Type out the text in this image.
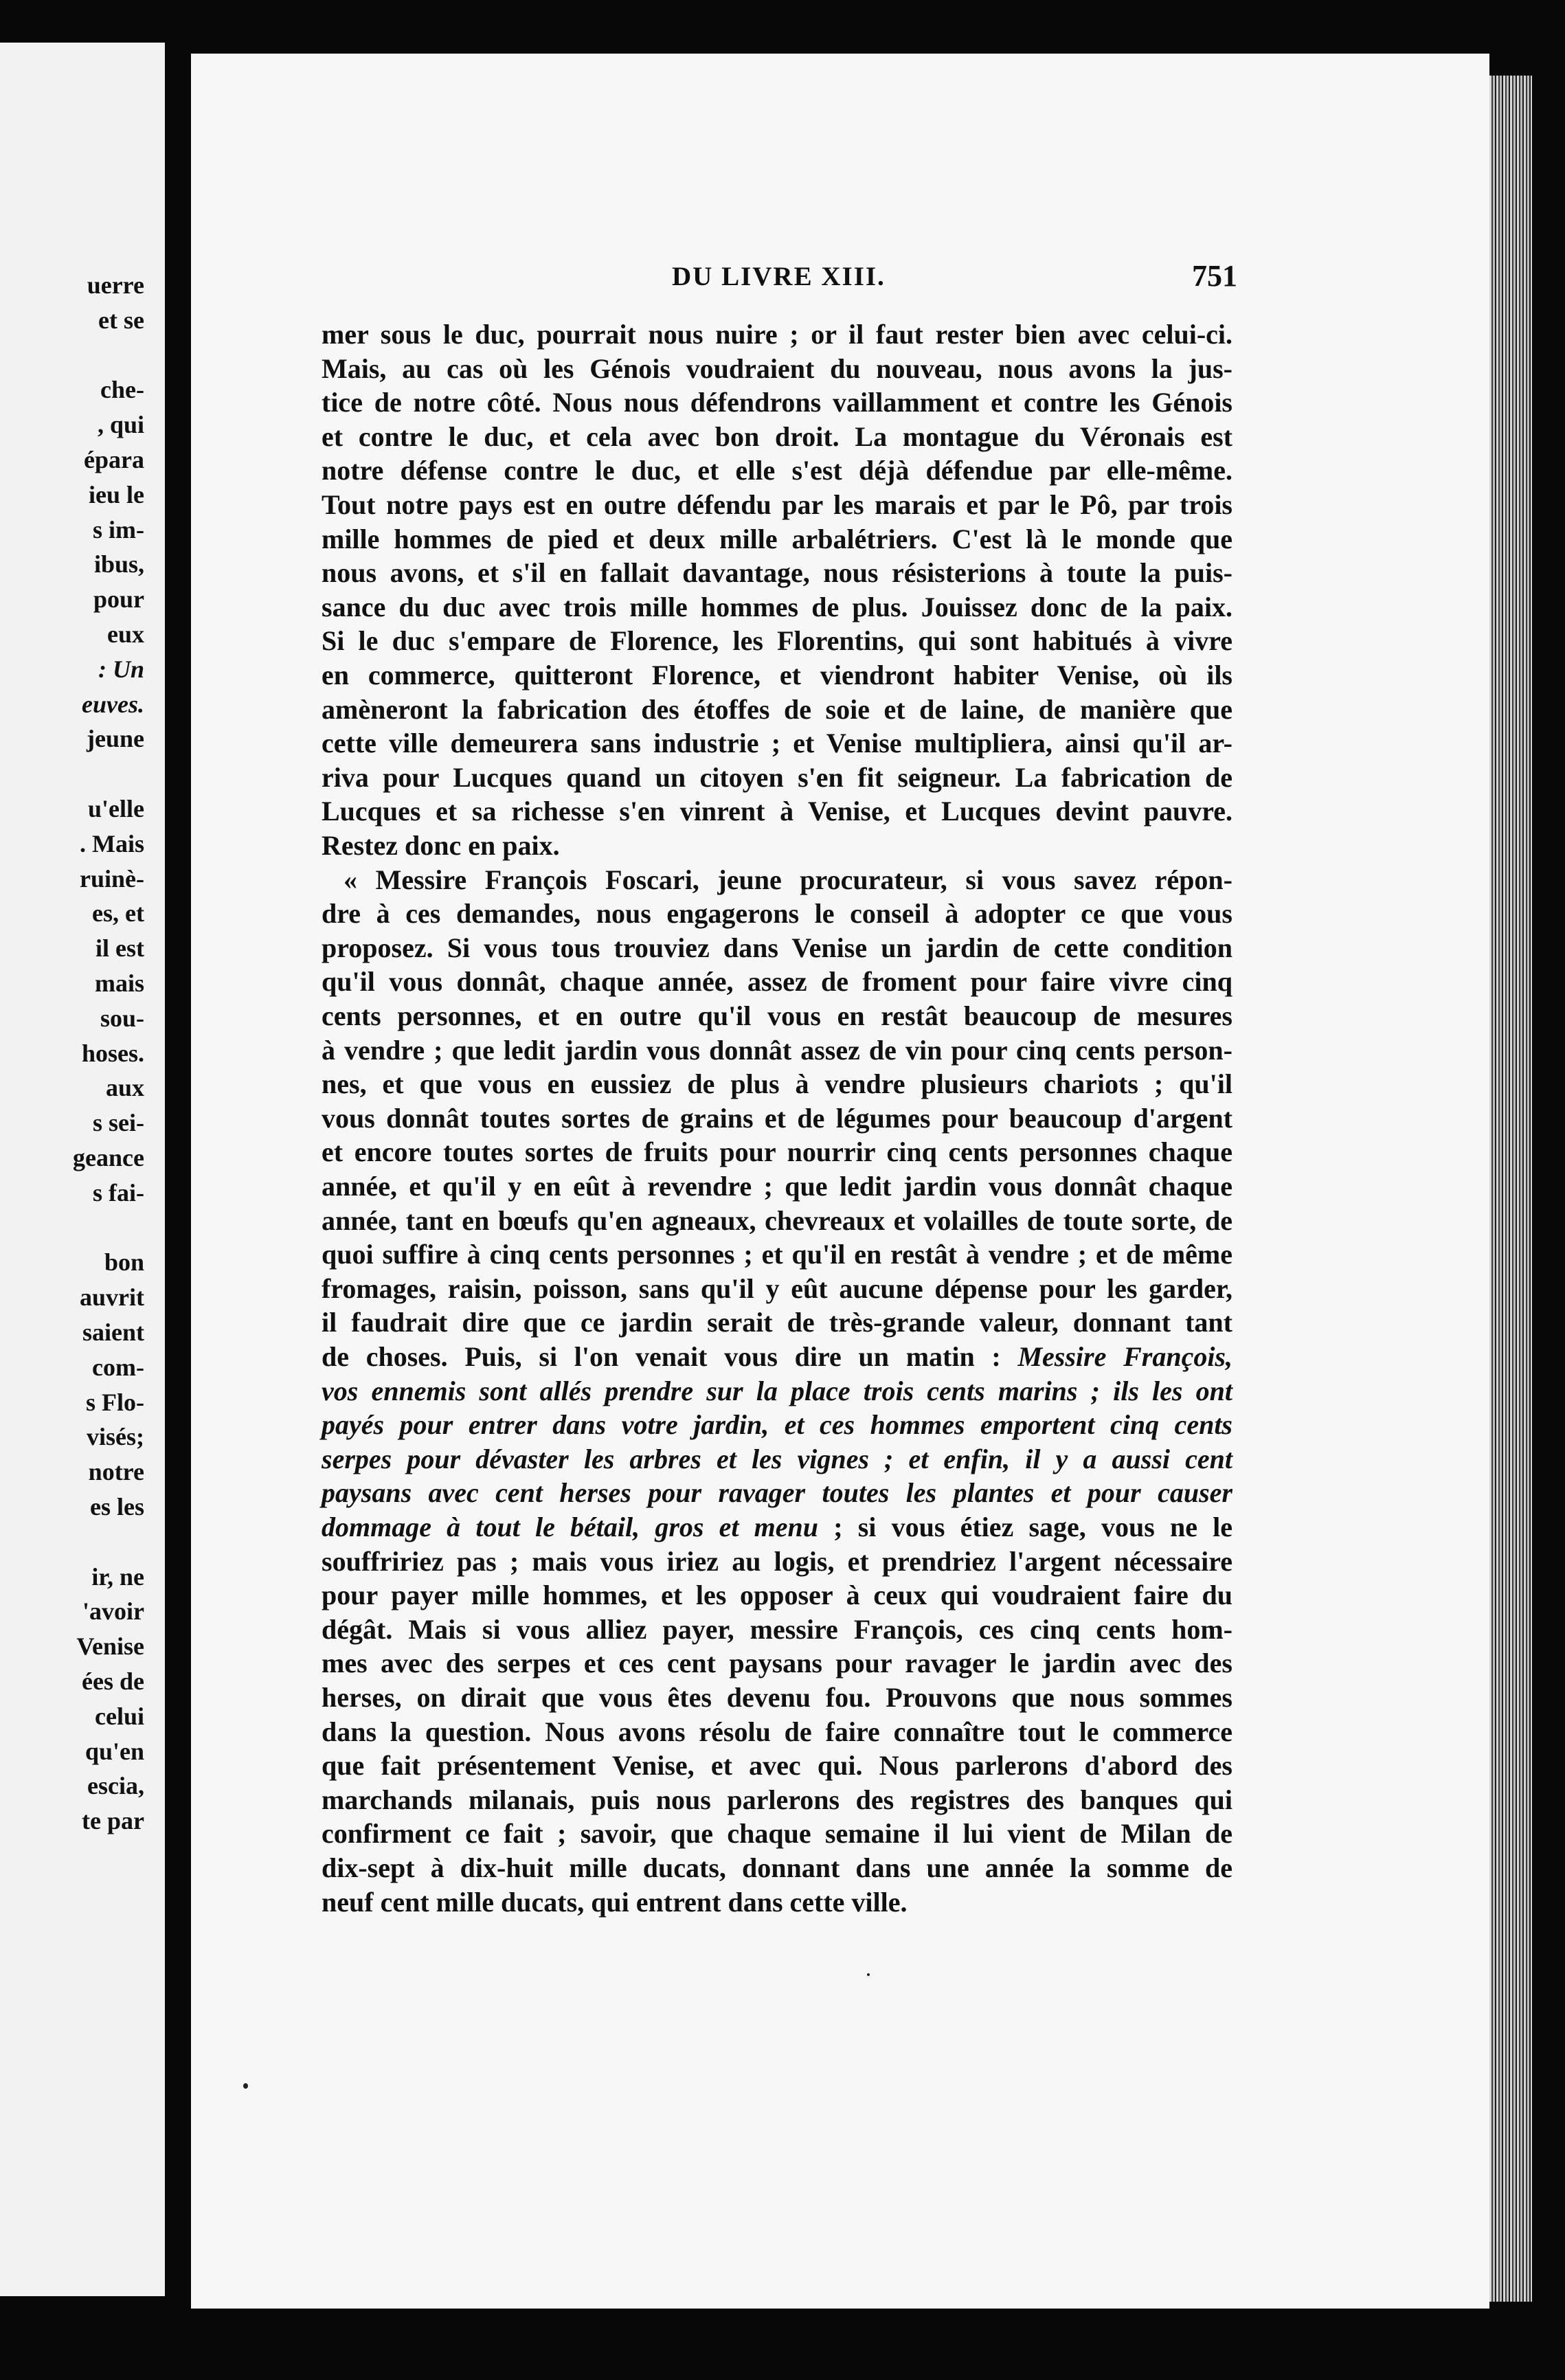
uerre
et se
che-
, qui
épara
ieu le
s im-
ibus,
pour
eux
: Un
euves.
jeune
u'elle
. Mais
ruinè-
es, et
il est
mais
sou-
hoses.
aux
s sei-
geance
s fai-
bon
auvrit
saient
com-
s Flo-
visés;
notre
es les
ir, ne
'avoir
Venise
ées de
celui
qu'en
escia,
te par
DU LIVRE XIII.	751
mer sous le duc, pourrait nous nuire ; or il faut rester bien avec celui-ci.
Mais, au cas où les Génois voudraient du nouveau, nous avons la jus-
tice de notre côté. Nous nous défendrons vaillamment et contre les Génois
et contre le duc, et cela avec bon droit. La montague du Véronais est
notre défense contre le duc, et elle s'est déjà défendue par elle-même.
Tout notre pays est en outre défendu par les marais et par le Pô, par trois
mille hommes de pied et deux mille arbalétriers. C'est là le monde que
nous avons, et s'il en fallait davantage, nous résisterions à toute la puis-
sance du duc avec trois mille hommes de plus. Jouissez donc de la paix.
Si le duc s'empare de Florence, les Florentins, qui sont habitués à vivre
en commerce, quitteront Florence, et viendront habiter Venise, où ils
amèneront la fabrication des étoffes de soie et de laine, de manière que
cette ville demeurera sans industrie ; et Venise multipliera, ainsi qu'il ar-
riva pour Lucques quand un citoyen s'en fit seigneur. La fabrication de
Lucques et sa richesse s'en vinrent à Venise, et Lucques devint pauvre.
Restez donc en paix.
« Messire François Foscari, jeune procurateur, si vous savez répon-
dre à ces demandes, nous engagerons le conseil à adopter ce que vous
proposez. Si vous tous trouviez dans Venise un jardin de cette condition
qu'il vous donnât, chaque année, assez de froment pour faire vivre cinq
cents personnes, et en outre qu'il vous en restât beaucoup de mesures
à vendre ; que ledit jardin vous donnât assez de vin pour cinq cents person-
nes, et que vous en eussiez de plus à vendre plusieurs chariots ; qu'il
vous donnât toutes sortes de grains et de légumes pour beaucoup d'argent
et encore toutes sortes de fruits pour nourrir cinq cents personnes chaque
année, et qu'il y en eût à revendre ; que ledit jardin vous donnât chaque
année, tant en bœufs qu'en agneaux, chevreaux et volailles de toute sorte, de
quoi suffire à cinq cents personnes ; et qu'il en restât à vendre ; et de même
fromages, raisin, poisson, sans qu'il y eût aucune dépense pour les garder,
il faudrait dire que ce jardin serait de très-grande valeur, donnant tant
de choses. Puis, si l'on venait vous dire un matin : Messire François,
vos ennemis sont allés prendre sur la place trois cents marins ; ils les ont
payés pour entrer dans votre jardin, et ces hommes emportent cinq cents
serpes pour dévaster les arbres et les vignes ; et enfin, il y a aussi cent
paysans avec cent herses pour ravager toutes les plantes et pour causer
dommage à tout le bétail, gros et menu ; si vous étiez sage, vous ne le
souffririez pas ; mais vous iriez au logis, et prendriez l'argent nécessaire
pour payer mille hommes, et les opposer à ceux qui voudraient faire du
dégât. Mais si vous alliez payer, messire François, ces cinq cents hom-
mes avec des serpes et ces cent paysans pour ravager le jardin avec des
herses, on dirait que vous êtes devenu fou. Prouvons que nous sommes
dans la question. Nous avons résolu de faire connaître tout le commerce
que fait présentement Venise, et avec qui. Nous parlerons d'abord des
marchands milanais, puis nous parlerons des registres des banques qui
confirment ce fait ; savoir, que chaque semaine il lui vient de Milan de
dix-sept à dix-huit mille ducats, donnant dans une année la somme de
neuf cent mille ducats, qui entrent dans cette ville.
